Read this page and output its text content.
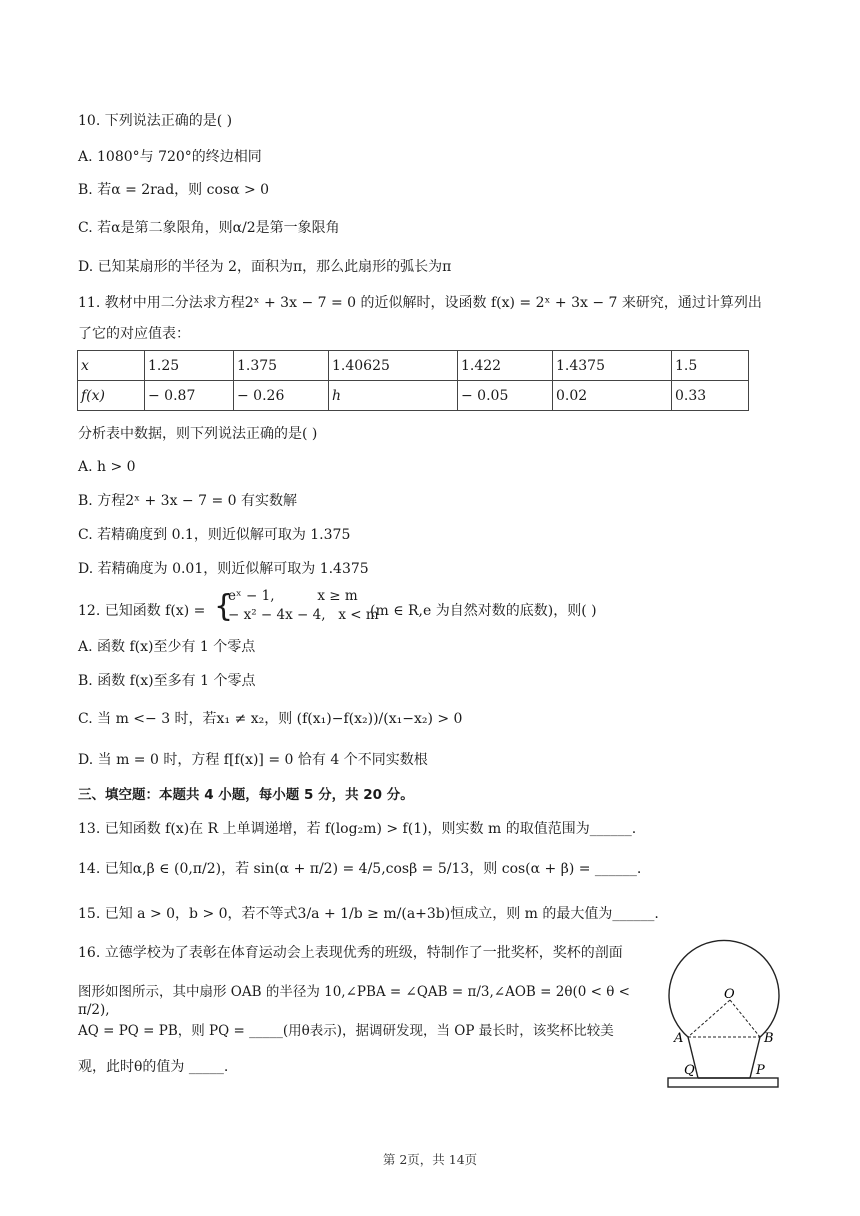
10. 下列说法正确的是( )
A. 1080°与 720°的终边相同
B. 若α = 2rad，则 cosα > 0
C. 若α是第二象限角，则α/2是第一象限角
D. 已知某扇形的半径为 2，面积为π，那么此扇形的弧长为π
11. 教材中用二分法求方程2ˣ + 3x − 7 = 0 的近似解时，设函数 f(x) = 2ˣ + 3x − 7 来研究，通过计算列出
了它的对应值表：
x	1.25	1.375	1.40625	1.422	1.4375	1.5
f(x)	− 0.87	− 0.26	h	− 0.05	0.02	0.33
分析表中数据，则下列说法正确的是( )
A. h > 0
B. 方程2ˣ + 3x − 7 = 0 有实数解
C. 若精确度到 0.1，则近似解可取为 1.375
D. 若精确度为 0.01，则近似解可取为 1.4375
12. 已知函数 f(x) = {
eˣ − 1,          x ≥ m
− x² − 4x − 4,   x < m
(m ∈ R,e 为自然对数的底数)，则( )
A. 函数 f(x)至少有 1 个零点
B. 函数 f(x)至多有 1 个零点
C. 当 m <− 3 时，若x₁ ≠ x₂，则 (f(x₁)−f(x₂))/(x₁−x₂) > 0
D. 当 m = 0 时，方程 f[f(x)] = 0 恰有 4 个不同实数根
三、填空题：本题共 4 小题，每小题 5 分，共 20 分。
13. 已知函数 f(x)在 R 上单调递增，若 f(log₂m) > f(1)，则实数 m 的取值范围为______.
14. 已知α,β ∈ (0,π/2)，若 sin(α + π/2) = 4/5,cosβ = 5/13，则 cos(α + β) = ______.
15. 已知 a > 0，b > 0，若不等式3/a + 1/b ≥ m/(a+3b)恒成立，则 m 的最大值为______.
16. 立德学校为了表彰在体育运动会上表现优秀的班级，特制作了一批奖杯，奖杯的剖面
图形如图所示，其中扇形 OAB 的半径为 10,∠PBA = ∠QAB = π/3,∠AOB = 2θ(0 < θ < π/2),
AQ = PQ = PB，则 PQ = _____(用θ表示)，据调研发现，当 OP 最长时，该奖杯比较美
观，此时θ的值为 _____.
O
A	B
Q	P
第 2页，共 14页
